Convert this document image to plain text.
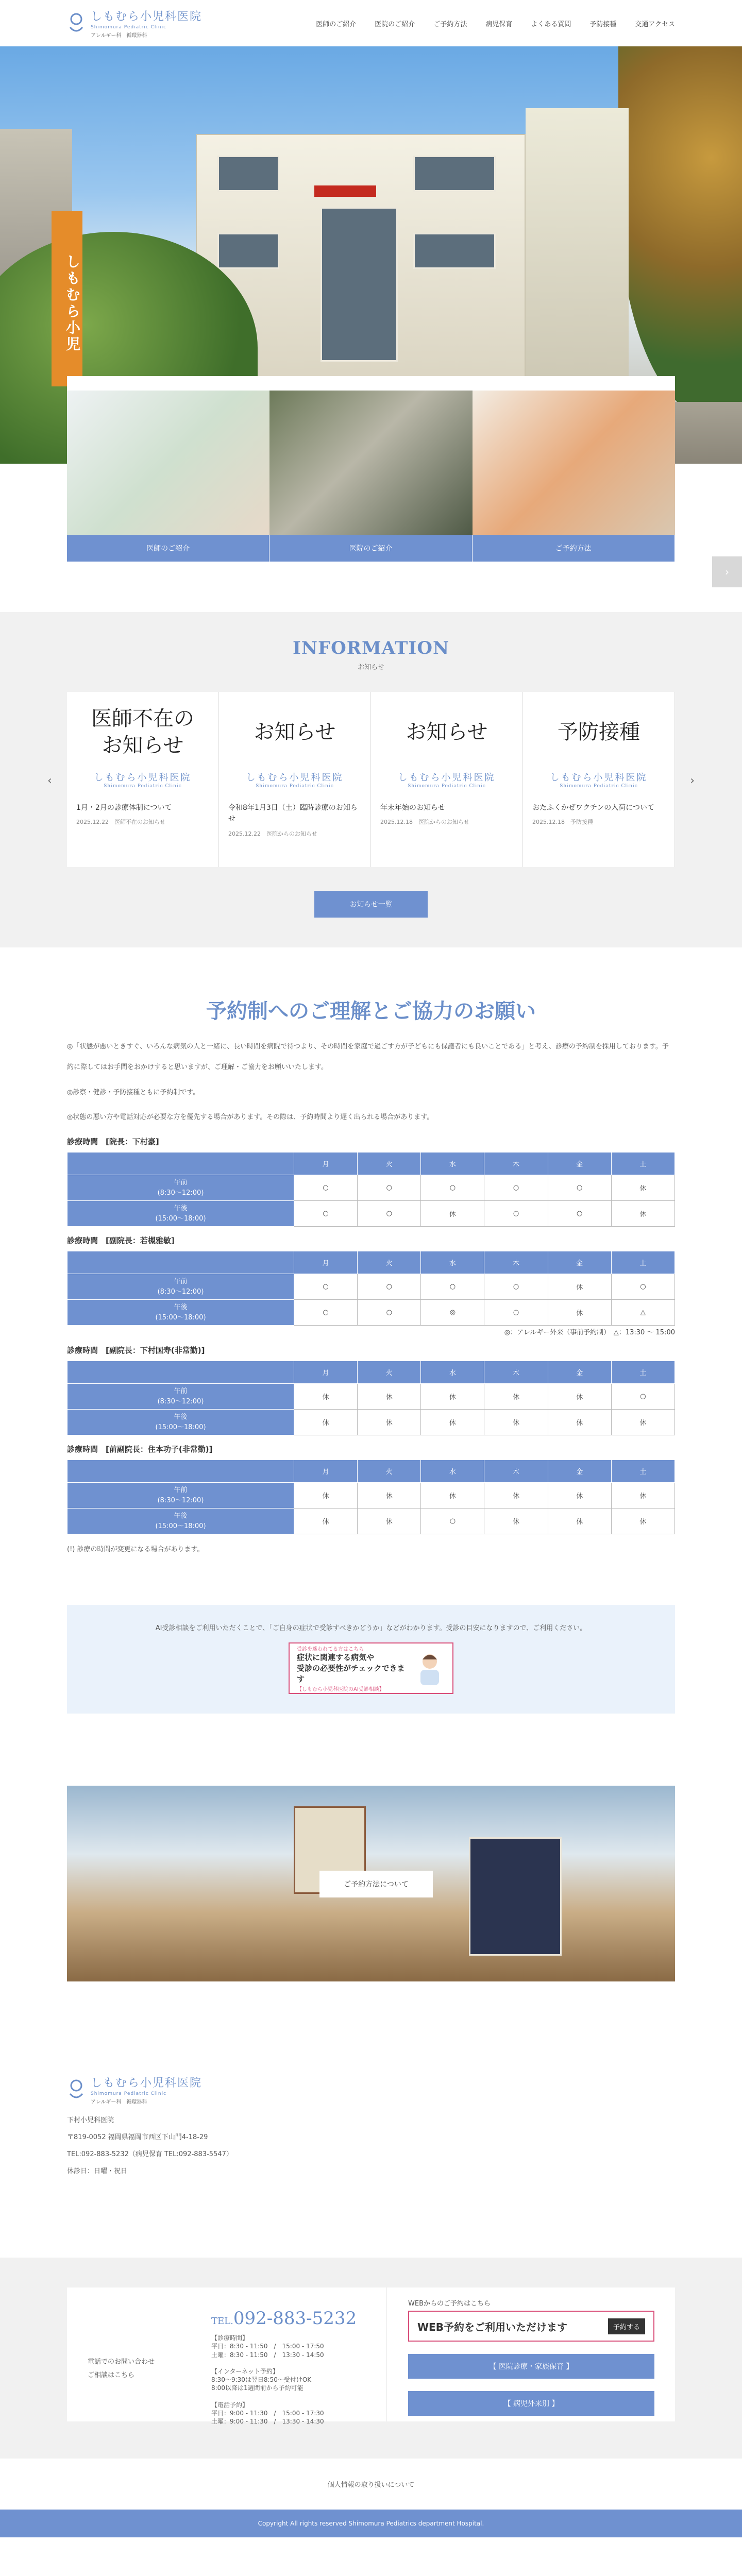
しもむら小児科医院
Shimomura Pediatric Clinic
アレルギー科　循環器科
医師のご紹介	医院のご紹介	ご予約方法	病児保育	よくある質問	予防接種	交通アクセス
しもむら小児
医師のご紹介	医院のご紹介	ご予約方法
›
INFORMATION
お知らせ
‹
医師不在の
お知らせ
しもむら小児科医院
Shimomura Pediatric Clinic
1月・2月の診療体制について
2025.12.22　医師不在のお知らせ
お知らせ
しもむら小児科医院
Shimomura Pediatric Clinic
令和8年1月3日（土）臨時診療のお知らせ
2025.12.22　医院からのお知らせ
お知らせ
しもむら小児科医院
Shimomura Pediatric Clinic
年末年始のお知らせ
2025.12.18　医院からのお知らせ
予防接種
しもむら小児科医院
Shimomura Pediatric Clinic
おたふくかぜワクチンの入荷について
2025.12.18　予防接種
›
お知らせ一覧
予約制へのご理解とご協力のお願い

◎「状態が悪いときすぐ、いろんな病気の人と一緒に、長い時間を病院で待つより、その時間を家庭で過ごす方が子どもにも保護者にも良いことである」と考え、診療の予約制を採用しております。予約に際してはお手間をおかけすると思いますが、ご理解・ご協力をお願いいたします。

◎診察・健診・予防接種ともに予約制です。

◎状態の悪い方や電話対応が必要な方を優先する場合があります。その際は、予約時間より遅く出られる場合があります。

診療時間　[院長：下村豪]
	月	火	水	木	金	土
午前
(8:30〜12:00)	○	○	○	○	○	休
午後
(15:00〜18:00)	○	○	休	○	○	休
診療時間　[副院長：若槻雅敏]
	月	火	水	木	金	土
午前
(8:30〜12:00)	○	○	○	○	休	○
午後
(15:00〜18:00)	○	○	◎	○	休	△
◎：アレルギー外来（事前予約制）　△：13:30 〜 15:00
診療時間　[副院長：下村国寿(非常勤)]
	月	火	水	木	金	土
午前
(8:30〜12:00)	休	休	休	休	休	○
午後
(15:00〜18:00)	休	休	休	休	休	休
診療時間　[前副院長：住本功子(非常勤)]
	月	火	水	木	金	土
午前
(8:30〜12:00)	休	休	休	休	休	休
午後
(15:00〜18:00)	休	休	○	休	休	休
(!) 診療の時間が変更になる場合があります。
AI受診相談をご利用いただくことで、「ご自身の症状で受診すべきかどうか」などがわかります。受診の目安になりますので、ご利用ください。
受診を迷われてる方はこちら
症状に関連する病気や
受診の必要性がチェックできます
【しもむら小児科医院のAI受診相談】
ご予約方法について
しもむら小児科医院
Shimomura Pediatric Clinic
アレルギー科　循環器科
下村小児科医院
〒819-0052 福岡県福岡市西区下山門4-18-29
TEL:092-883-5232（病児保育 TEL:092-883-5547）
休診日：日曜・祝日
電話でのお問い合わせ
ご相談はこちら
TEL.092-883-5232
【診療時間】
平日：8:30 - 11:50　/　15:00 - 17:50
土曜：8:30 - 11:50　/　13:30 - 14:50

【インターネット予約】
8:30～9:30は翌日8:50～受付けOK
8:00以降は1週間前から予約可能

【電話予約】
平日：9:00 - 11:30　/　15:00 - 17:30
土曜：9:00 - 11:30　/　13:30 - 14:30
WEBからのご予約はこちら
WEB予約をご利用いただけます	予約する
【 医院診療・家族保育 】
【 病児外来別 】
個人情報の取り扱いについて
Copyright All rights reserved Shimomura Pediatrics department Hospital.
